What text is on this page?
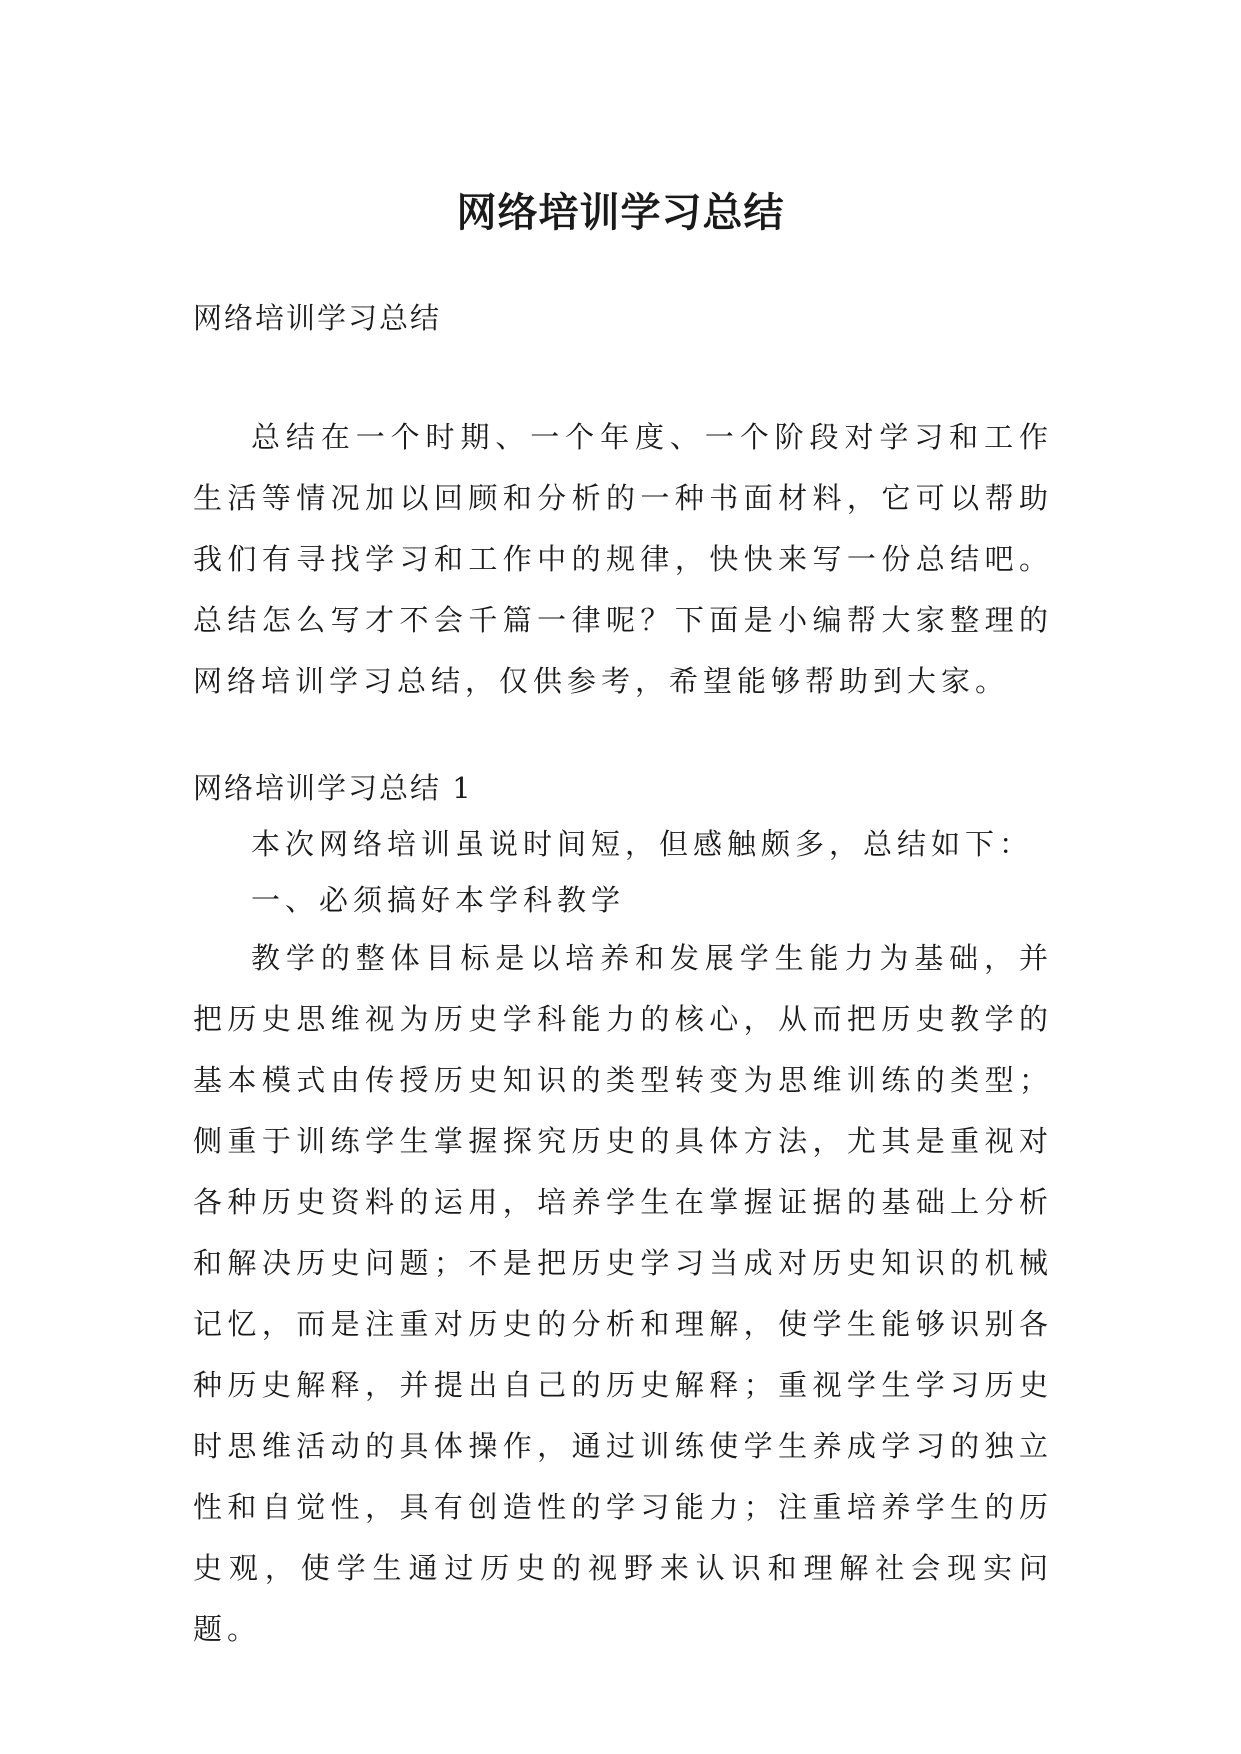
网络培训学习总结

网络培训学习总结

总结在一个时期、一个年度、一个阶段对学习和工作生活等情况加以回顾和分析的一种书面材料，它可以帮助我们有寻找学习和工作中的规律，快快来写一份总结吧。总结怎么写才不会千篇一律呢？下面是小编帮大家整理的网络培训学习总结，仅供参考，希望能够帮助到大家。

网络培训学习总结 1

本次网络培训虽说时间短，但感触颇多，总结如下：

一、必须搞好本学科教学

教学的整体目标是以培养和发展学生能力为基础，并把历史思维视为历史学科能力的核心，从而把历史教学的基本模式由传授历史知识的类型转变为思维训练的类型；侧重于训练学生掌握探究历史的具体方法，尤其是重视对各种历史资料的运用，培养学生在掌握证据的基础上分析和解决历史问题；不是把历史学习当成对历史知识的机械记忆，而是注重对历史的分析和理解，使学生能够识别各种历史解释，并提出自己的历史解释；重视学生学习历史时思维活动的具体操作，通过训练使学生养成学习的独立性和自觉性，具有创造性的学习能力；注重培养学生的历史观，使学生通过历史的视野来认识和理解社会现实问题。
